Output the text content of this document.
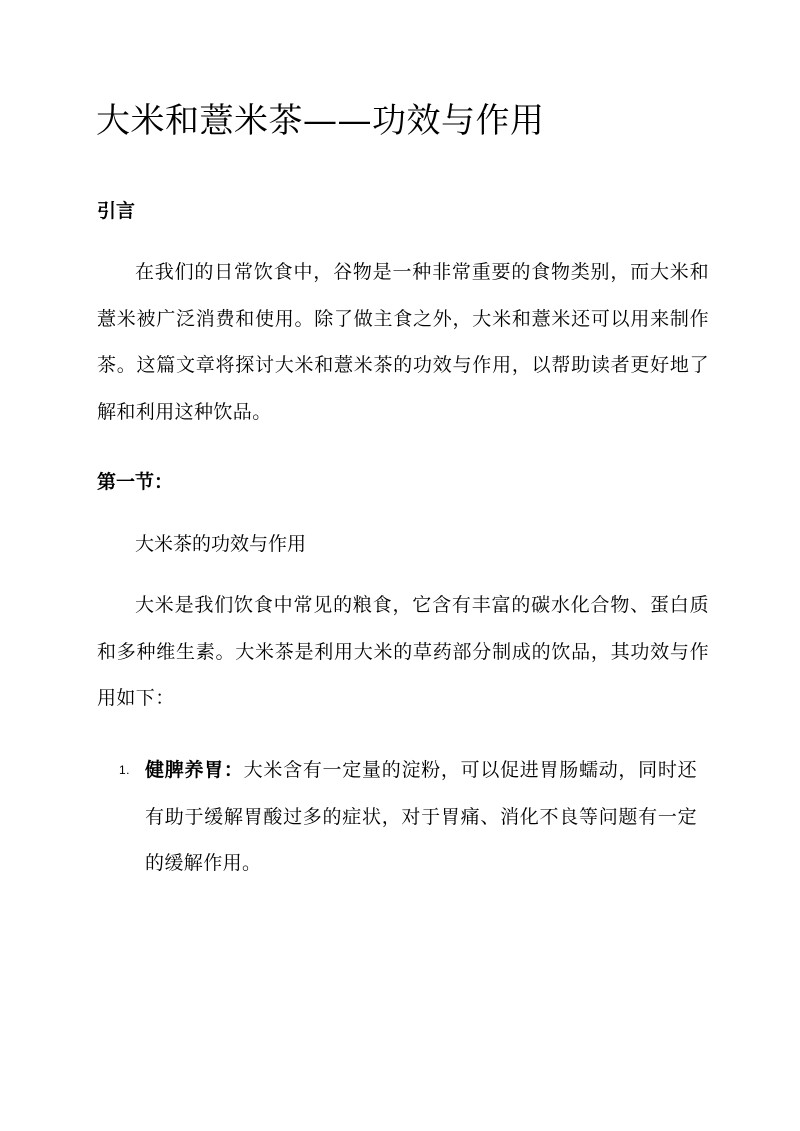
大米和薏米茶——功效与作用
引言

在我们的日常饮食中，谷物是一种非常重要的食物类别，而大米和薏米被广泛消费和使用。除了做主食之外，大米和薏米还可以用来制作茶。这篇文章将探讨大米和薏米茶的功效与作用，以帮助读者更好地了解和利用这种饮品。

第一节：
大米茶的功效与作用

大米是我们饮食中常见的粮食，它含有丰富的碳水化合物、蛋白质和多种维生素。大米茶是利用大米的草药部分制成的饮品，其功效与作用如下：

1. 健脾养胃：大米含有一定量的淀粉，可以促进胃肠蠕动，同时还有助于缓解胃酸过多的症状，对于胃痛、消化不良等问题有一定的缓解作用。
